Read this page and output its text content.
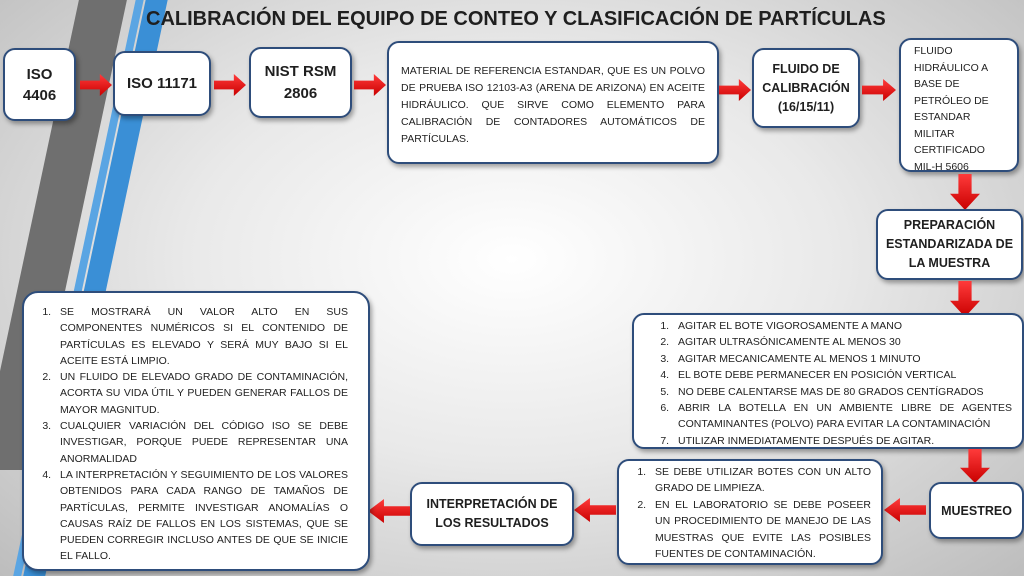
CALIBRACIÓN DEL EQUIPO DE CONTEO Y CLASIFICACIÓN DE PARTÍCULAS
ISO 4406
ISO 11171
NIST RSM 2806
MATERIAL DE REFERENCIA ESTANDAR, QUE ES UN POLVO DE PRUEBA ISO 12103-A3 (ARENA DE ARIZONA) EN ACEITE HIDRÁULICO. QUE SIRVE COMO ELEMENTO PARA CALIBRACIÓN DE CONTADORES AUTOMÁTICOS DE PARTÍCULAS.
FLUIDO DE CALIBRACIÓN (16/15/11)
FLUIDO HIDRÁULICO A BASE DE PETRÓLEO DE ESTANDAR MILITAR CERTIFICADO MIL-H 5606
PREPARACIÓN ESTANDARIZADA DE LA MUESTRA
1. AGITAR EL BOTE VIGOROSAMENTE A MANO
2. AGITAR ULTRASÓNICAMENTE AL MENOS 30
3. AGITAR MECANICAMENTE AL MENOS 1 MINUTO
4. EL BOTE DEBE PERMANECER EN POSICIÓN VERTICAL
5. NO DEBE CALENTARSE MAS DE 80 GRADOS CENTÍGRADOS
6. ABRIR LA BOTELLA EN UN AMBIENTE LIBRE DE AGENTES CONTAMINANTES (POLVO) PARA EVITAR LA CONTAMINACIÓN
7. UTILIZAR INMEDIATAMENTE DESPUÉS DE AGITAR.
MUESTREO
1. SE DEBE UTILIZAR BOTES CON UN ALTO GRADO DE LIMPIEZA.
2. EN EL LABORATORIO SE DEBE POSEER UN PROCEDIMIENTO DE MANEJO DE LAS MUESTRAS QUE EVITE LAS POSIBLES FUENTES DE CONTAMINACIÓN.
INTERPRETACIÓN DE LOS RESULTADOS
1. SE MOSTRARÁ UN VALOR ALTO EN SUS COMPONENTES NUMÉRICOS SI EL CONTENIDO DE PARTÍCULAS ES ELEVADO Y SERÁ MUY BAJO SI EL ACEITE ESTÁ LIMPIO.
2. UN FLUIDO DE ELEVADO GRADO DE CONTAMINACIÓN, ACORTA SU VIDA ÚTIL Y PUEDEN GENERAR FALLOS DE MAYOR MAGNITUD.
3. CUALQUIER VARIACIÓN DEL CÓDIGO ISO SE DEBE INVESTIGAR, PORQUE PUEDE REPRESENTAR UNA ANORMALIDAD
4. LA INTERPRETACIÓN Y SEGUIMIENTO DE LOS VALORES OBTENIDOS PARA CADA RANGO DE TAMAÑOS DE PARTÍCULAS, PERMITE INVESTIGAR ANOMALÍAS O CAUSAS RAÍZ DE FALLOS EN LOS SISTEMAS, QUE SE PUEDEN CORREGIR INCLUSO ANTES DE QUE SE INICIE EL FALLO.
